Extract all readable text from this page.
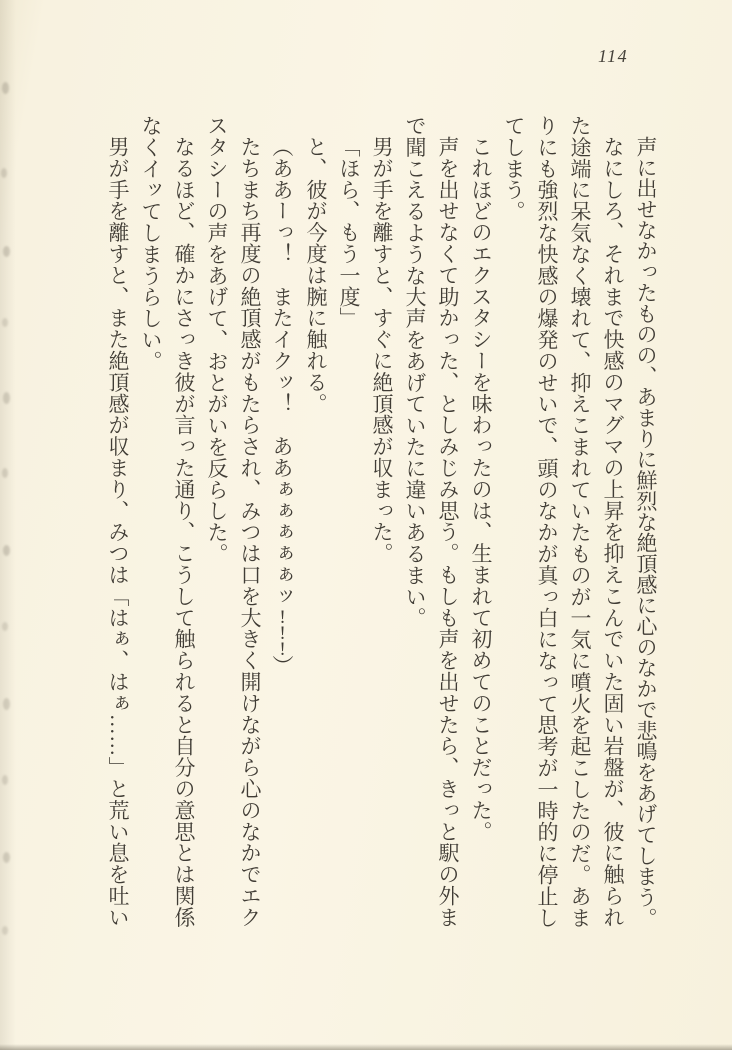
114
声に出せなかったものの、あまりに鮮烈な絶頂感に心のなかで悲鳴をあげてしまう。
なにしろ、それまで快感のマグマの上昇を抑えこんでいた固い岩盤が、彼に触られ
た途端に呆気なく壊れて、抑えこまれていたものが一気に噴火を起こしたのだ。あま
りにも強烈な快感の爆発のせいで、頭のなかが真っ白になって思考が一時的に停止し
てしまう。
これほどのエクスタシーを味わったのは、生まれて初めてのことだった。
声を出せなくて助かった、としみじみ思う。もしも声を出せたら、きっと駅の外ま
で聞こえるような大声をあげていたに違いあるまい。
男が手を離すと、すぐに絶頂感が収まった。
「ほら、もう一度」
と、彼が今度は腕に触れる。
（ああーっ！　またイクッ！　ああぁぁぁぁぁッ!!!）
たちまち再度の絶頂感がもたらされ、みつは口を大きく開けながら心のなかでエク
スタシーの声をあげて、おとがいを反らした。
なるほど、確かにさっき彼が言った通り、こうして触られると自分の意思とは関係
なくイッてしまうらしい。
男が手を離すと、また絶頂感が収まり、みつは「はぁ、はぁ……」と荒い息を吐い
